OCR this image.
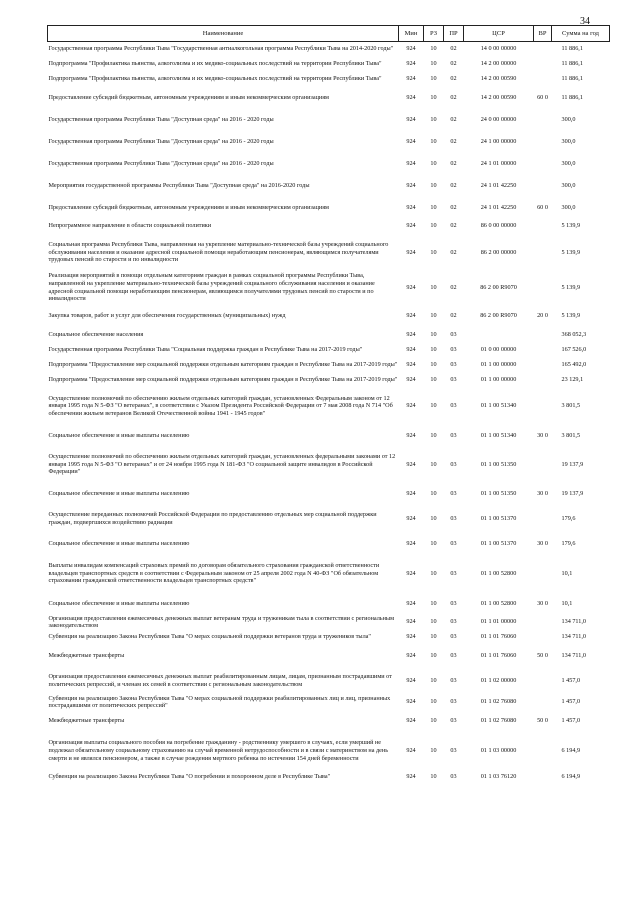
34
Наименование	Мин	РЗ	ПР	ЦСР	ВР	Сумма на год
Государственная программа Республики Тыва "Государственная антиалкогольная программа Республики Тыва на 2014-2020 годы"	924	10	02	14 0 00 00000		11 886,1
Подпрограмма "Профилактика пьянства, алкоголизма и их медико-социальных последствий на территории Республики Тыва"	924	10	02	14 2 00 00000		11 886,1
Подпрограмма "Профилактика пьянства, алкоголизма и их медико-социальных последствий на территории Республики Тыва"	924	10	02	14 2 00 00590		11 886,1
Предоставление субсидий бюджетным, автономным учреждениям и иным некоммерческим организациям	924	10	02	14 2 00 00590	60 0	11 886,1
Государственная программа Республики Тыва "Доступная среда" на 2016 - 2020 годы	924	10	02	24 0 00 00000		300,0
Государственная программа Республики Тыва "Доступная среда" на 2016 - 2020 годы	924	10	02	24 1 00 00000		300,0
Государственная программа Республики Тыва "Доступная среда" на 2016 - 2020 годы	924	10	02	24 1 01 00000		300,0
Мероприятия государственной программы Республики Тыва "Доступная среда" на 2016-2020 годы	924	10	02	24 1 01 42250		300,0
Предоставление субсидий бюджетным, автономным учреждениям и иным некоммерческим организациям	924	10	02	24 1 01 42250	60 0	300,0
Непрограммное направление в области социальной политики	924	10	02	86 0 00 00000		5 139,9
Социальная программа Республики Тыва, направленная на укрепление материально-технической базы учреждений социального обслуживания населения и оказание адресной социальной помощи неработающим пенсионерам, являющимся получателями трудовых пенсий по старости и по инвалидности	924	10	02	86 2 00 00000		5 139,9
Реализация мероприятий в помощи отдельным категориям граждан в рамках социальной программы Республики Тыва, направленной на укрепление материально-технической базы учреждений социального обслуживания населения и оказание адресной социальной помощи неработающим пенсионерам, являющимся получателями трудовых пенсий по старости и по инвалидности	924	10	02	86 2 00 R9070		5 139,9
Закупка товаров, работ и услуг для обеспечения государственных (муниципальных) нужд	924	10	02	86 2 00 R9070	20 0	5 139,9
Социальное обеспечение населения	924	10	03			368 052,3
Государственная программа Республики Тыва "Социальная поддержка граждан в Республике Тыва на 2017-2019 годы"	924	10	03	01 0 00 00000		167 526,0
Подпрограмма "Предоставление мер социальной поддержки отдельным категориям граждан в Республике Тыва на 2017-2019 годы"	924	10	03	01 1 00 00000		165 492,0
Подпрограмма "Предоставление мер социальной поддержки отдельным категориям граждан в Республике Тыва на 2017-2019 годы"	924	10	03	01 1 00 00000		23 129,1
Осуществление полномочий по обеспечению жильем отдельных категорий граждан, установленных Федеральным законом от 12 января 1995 года N 5-ФЗ "О ветеранах", в соответствии с Указом Президента Российской Федерации от 7 мая 2008 года N 714 "Об обеспечении жильем ветеранов Великой Отечественной войны 1941 - 1945 годов"	924	10	03	01 1 00 51340		3 801,5
Социальное обеспечение и иные выплаты населению	924	10	03	01 1 00 51340	30 0	3 801,5
Осуществление полномочий по обеспечению жильем отдельных категорий граждан, установленных федеральными законами от 12 января 1995 года N 5-ФЗ "О ветеранах" и от 24 ноября 1995 года N 181-ФЗ "О социальной защите инвалидов в Российской Федерации"	924	10	03	01 1 00 51350		19 137,9
Социальное обеспечение и иные выплаты населению	924	10	03	01 1 00 51350	30 0	19 137,9
Осуществление переданных полномочий Российской Федерации по предоставлению отдельных мер социальной поддержки граждан, подвергшихся воздействию радиации	924	10	03	01 1 00 51370		179,6
Социальное обеспечение и иные выплаты населению	924	10	03	01 1 00 51370	30 0	179,6
Выплаты инвалидам компенсаций страховых премий по договорам обязательного страхования гражданской ответственности владельцев транспортных средств в соответствии с Федеральным законом от 25 апреля 2002 года N 40-ФЗ "Об обязательном страховании гражданской ответственности владельцев транспортных средств"	924	10	03	01 1 00 52800		10,1
Социальное обеспечение и иные выплаты населению	924	10	03	01 1 00 52800	30 0	10,1
Организация предоставления ежемесячных денежных выплат ветеранам труда и труженикам тыла в соответствии с региональным законодательством	924	10	03	01 1 01 00000		134 711,0
Субвенция на реализацию Закона Республики Тыва "О мерах социальной поддержки ветеранов труда и тружеников тыла"	924	10	03	01 1 01 76060		134 711,0
Межбюджетные трансферты	924	10	03	01 1 01 76060	50 0	134 711,0
Организация предоставления ежемесячных денежных выплат реабилитированным лицам, лицам, признанным пострадавшими от политических репрессий, и членам их семей в соответствии с региональным законодательством	924	10	03	01 1 02 00000		1 457,0
Субвенция на реализацию Закона Республики Тыва "О мерах социальной поддержки реабилитированных лиц и лиц, признанных пострадавшими от политических репрессий"	924	10	03	01 1 02 76080		1 457,0
Межбюджетные трансферты	924	10	03	01 1 02 76080	50 0	1 457,0
Организация выплаты социального пособия на погребение гражданину - родственнику умершего в случаях, если умерший не подлежал обязательному социальному страхованию на случай временной нетрудоспособности и в связи с материнством на день смерти и не являлся пенсионером, а также в случае рождения мертвого ребенка по истечении 154 дней беременности	924	10	03	01 1 03 00000		6 194,9
Субвенция на реализацию Закона Республики Тыва "О погребении и похоронном деле в Республике Тыва"	924	10	03	01 1 03 76120		6 194,9
